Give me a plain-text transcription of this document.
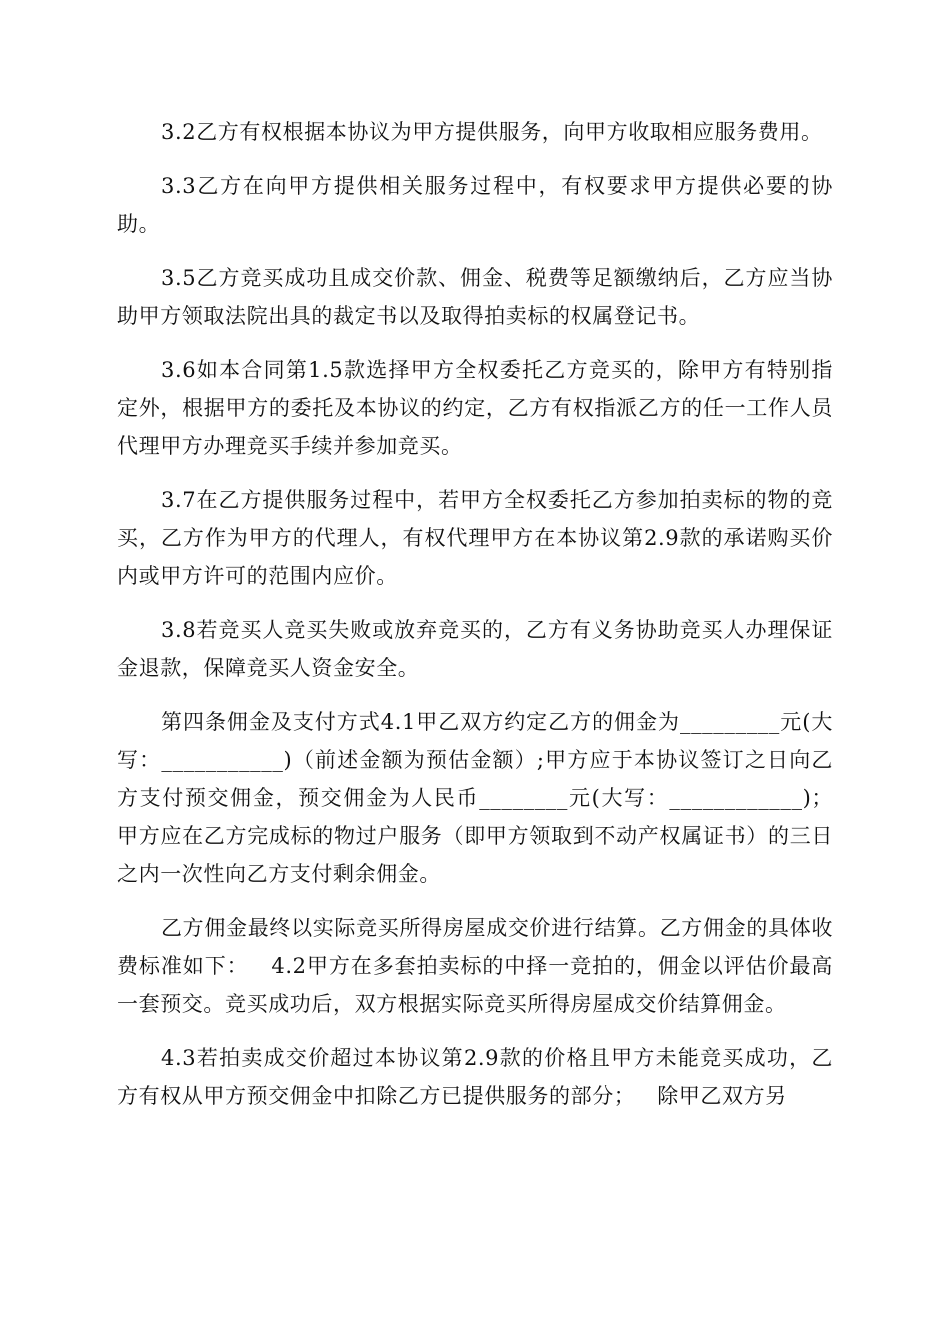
3.2乙方有权根据本协议为甲方提供服务，向甲方收取相应服务费用。

3.3乙方在向甲方提供相关服务过程中，有权要求甲方提供必要的协助。

3.5乙方竞买成功且成交价款、佣金、税费等足额缴纳后，乙方应当协助甲方领取法院出具的裁定书以及取得拍卖标的权属登记书。

3.6如本合同第1.5款选择甲方全权委托乙方竞买的，除甲方有特别指定外，根据甲方的委托及本协议的约定，乙方有权指派乙方的任一工作人员代理甲方办理竞买手续并参加竞买。

3.7在乙方提供服务过程中，若甲方全权委托乙方参加拍卖标的物的竞买，乙方作为甲方的代理人，有权代理甲方在本协议第2.9款的承诺购买价内或甲方许可的范围内应价。

3.8若竞买人竞买失败或放弃竞买的，乙方有义务协助竞买人办理保证金退款，保障竞买人资金安全。

第四条佣金及支付方式4.1甲乙双方约定乙方的佣金为_________元(大写：___________)（前述金额为预估金额）;甲方应于本协议签订之日向乙方支付预交佣金，预交佣金为人民币________元(大写：____________)；    甲方应在乙方完成标的物过户服务（即甲方领取到不动产权属证书）的三日之内一次性向乙方支付剩余佣金。

乙方佣金最终以实际竞买所得房屋成交价进行结算。乙方佣金的具体收费标准如下：   4.2甲方在多套拍卖标的中择一竞拍的，佣金以评估价最高一套预交。竞买成功后，双方根据实际竞买所得房屋成交价结算佣金。

4.3若拍卖成交价超过本协议第2.9款的价格且甲方未能竞买成功，乙方有权从甲方预交佣金中扣除乙方已提供服务的部分；   除甲乙双方另
